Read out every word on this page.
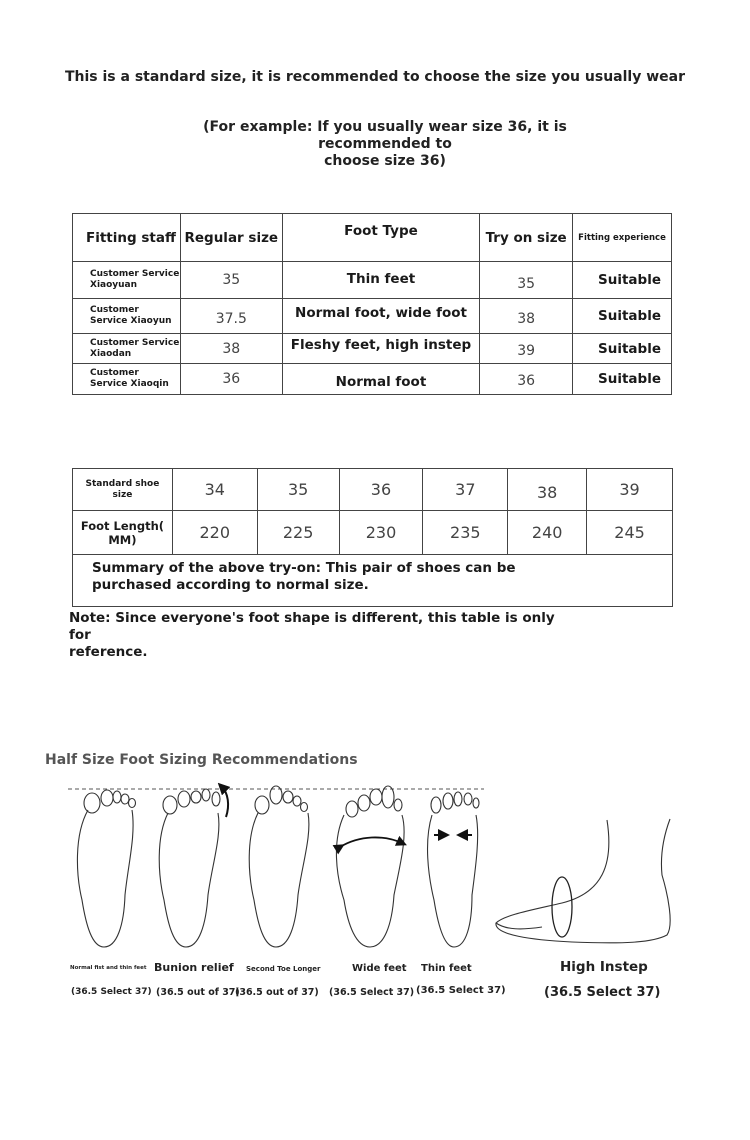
This is a standard size, it is recommended to choose the size you usually wear
(For example: If you usually wear size 36, it is recommended to
choose size 36)
Fitting staff	Regular size	Foot Type	Try on size	Fitting experience

Customer Service
Xiaoyuan	35	Thin feet	35	Suitable

Customer
Service Xiaoyun	37.5	Normal foot, wide foot	38	Suitable

Customer Service
Xiaodan	38	Fleshy feet, high instep	39	Suitable

Customer
Service Xiaoqin	36	Normal foot	36	Suitable
Standard shoe
size	34	35	36	37	38	39

Foot Length(
MM)	220	225	230	235	240	245

Summary of the above try-on: This pair of shoes can be
purchased according to normal size.						
Note: Since everyone's foot shape is different, this table is only for
reference.
Half Size Foot Sizing Recommendations
Normal fist and thin feet Bunion relief Second Toe Longer	Wide feet Thin feet	High Instep
(36.5 Select 37) (36.5 out of 37)
(36.5 out of 37) (36.5 Select 37) (36.5 Select 37)	(36.5 Select 37)
